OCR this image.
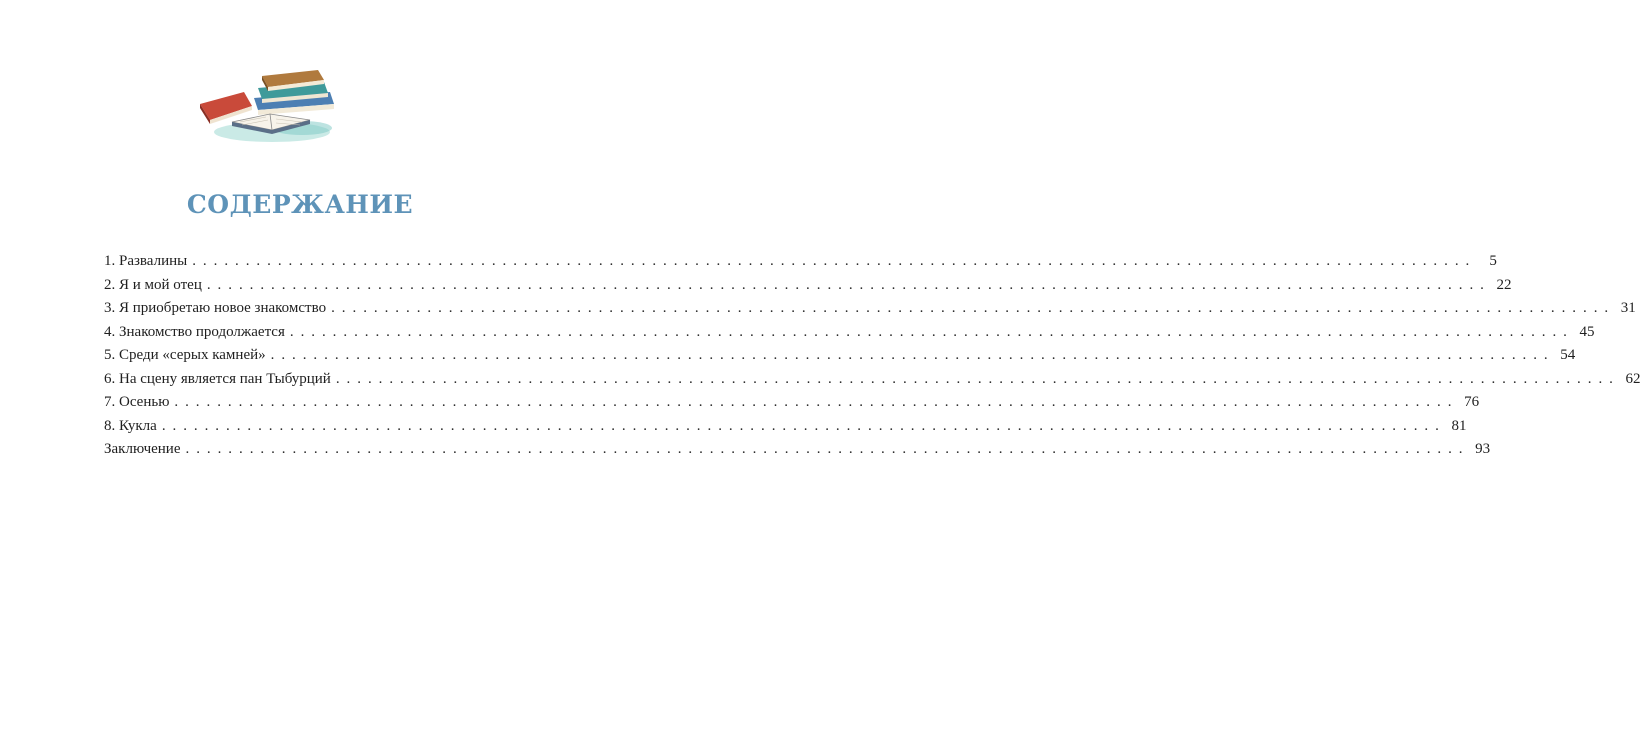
СОДЕРЖАНИЕ
1. Развалины . . . . . . . . . . . . . . . . . . . . . . . . . . . . . . . . . . . . . . . . . . . . . . . . . . . . . . . . . . . . . . . . . . . . . . . . . . . . . . . . . . . . . . . . . . . . . . . . . . . . . . . . . . . . . . . . . . . . . . . .	5
2. Я и мой отец . . . . . . . . . . . . . . . . . . . . . . . . . . . . . . . . . . . . . . . . . . . . . . . . . . . . . . . . . . . . . . . . . . . . . . . . . . . . . . . . . . . . . . . . . . . . . . . . . . . . . . . . . . . . . . . . . . . . . . . . 22
3. Я приобретаю новое знакомство . . . . . . . . . . . . . . . . . . . . . . . . . . . . . . . . . . . . . . . . . . . . . . . . . . . . . . . . . . . . . . . . . . . . . . . . . . . . . . . . . . . . . . . . . . . . . . . . . . . . . . . . . . . . . . . . . . . . . . . . 31
4. Знакомство продолжается . . . . . . . . . . . . . . . . . . . . . . . . . . . . . . . . . . . . . . . . . . . . . . . . . . . . . . . . . . . . . . . . . . . . . . . . . . . . . . . . . . . . . . . . . . . . . . . . . . . . . . . . . . . . . . . . . . . . . . . . 45
5. Среди «серых камней» . . . . . . . . . . . . . . . . . . . . . . . . . . . . . . . . . . . . . . . . . . . . . . . . . . . . . . . . . . . . . . . . . . . . . . . . . . . . . . . . . . . . . . . . . . . . . . . . . . . . . . . . . . . . . . . . . . . . . . . . 54
6. На сцену является пан Тыбурций . . . . . . . . . . . . . . . . . . . . . . . . . . . . . . . . . . . . . . . . . . . . . . . . . . . . . . . . . . . . . . . . . . . . . . . . . . . . . . . . . . . . . . . . . . . . . . . . . . . . . . . . . . . . . . . . . . . . . . . . 62
7. Осенью . . . . . . . . . . . . . . . . . . . . . . . . . . . . . . . . . . . . . . . . . . . . . . . . . . . . . . . . . . . . . . . . . . . . . . . . . . . . . . . . . . . . . . . . . . . . . . . . . . . . . . . . . . . . . . . . . . . . . . . . 76
8. Кукла . . . . . . . . . . . . . . . . . . . . . . . . . . . . . . . . . . . . . . . . . . . . . . . . . . . . . . . . . . . . . . . . . . . . . . . . . . . . . . . . . . . . . . . . . . . . . . . . . . . . . . . . . . . . . . . . . . . . . . . . 81
Заключение . . . . . . . . . . . . . . . . . . . . . . . . . . . . . . . . . . . . . . . . . . . . . . . . . . . . . . . . . . . . . . . . . . . . . . . . . . . . . . . . . . . . . . . . . . . . . . . . . . . . . . . . . . . . . . . . . . . . . . . . 93
